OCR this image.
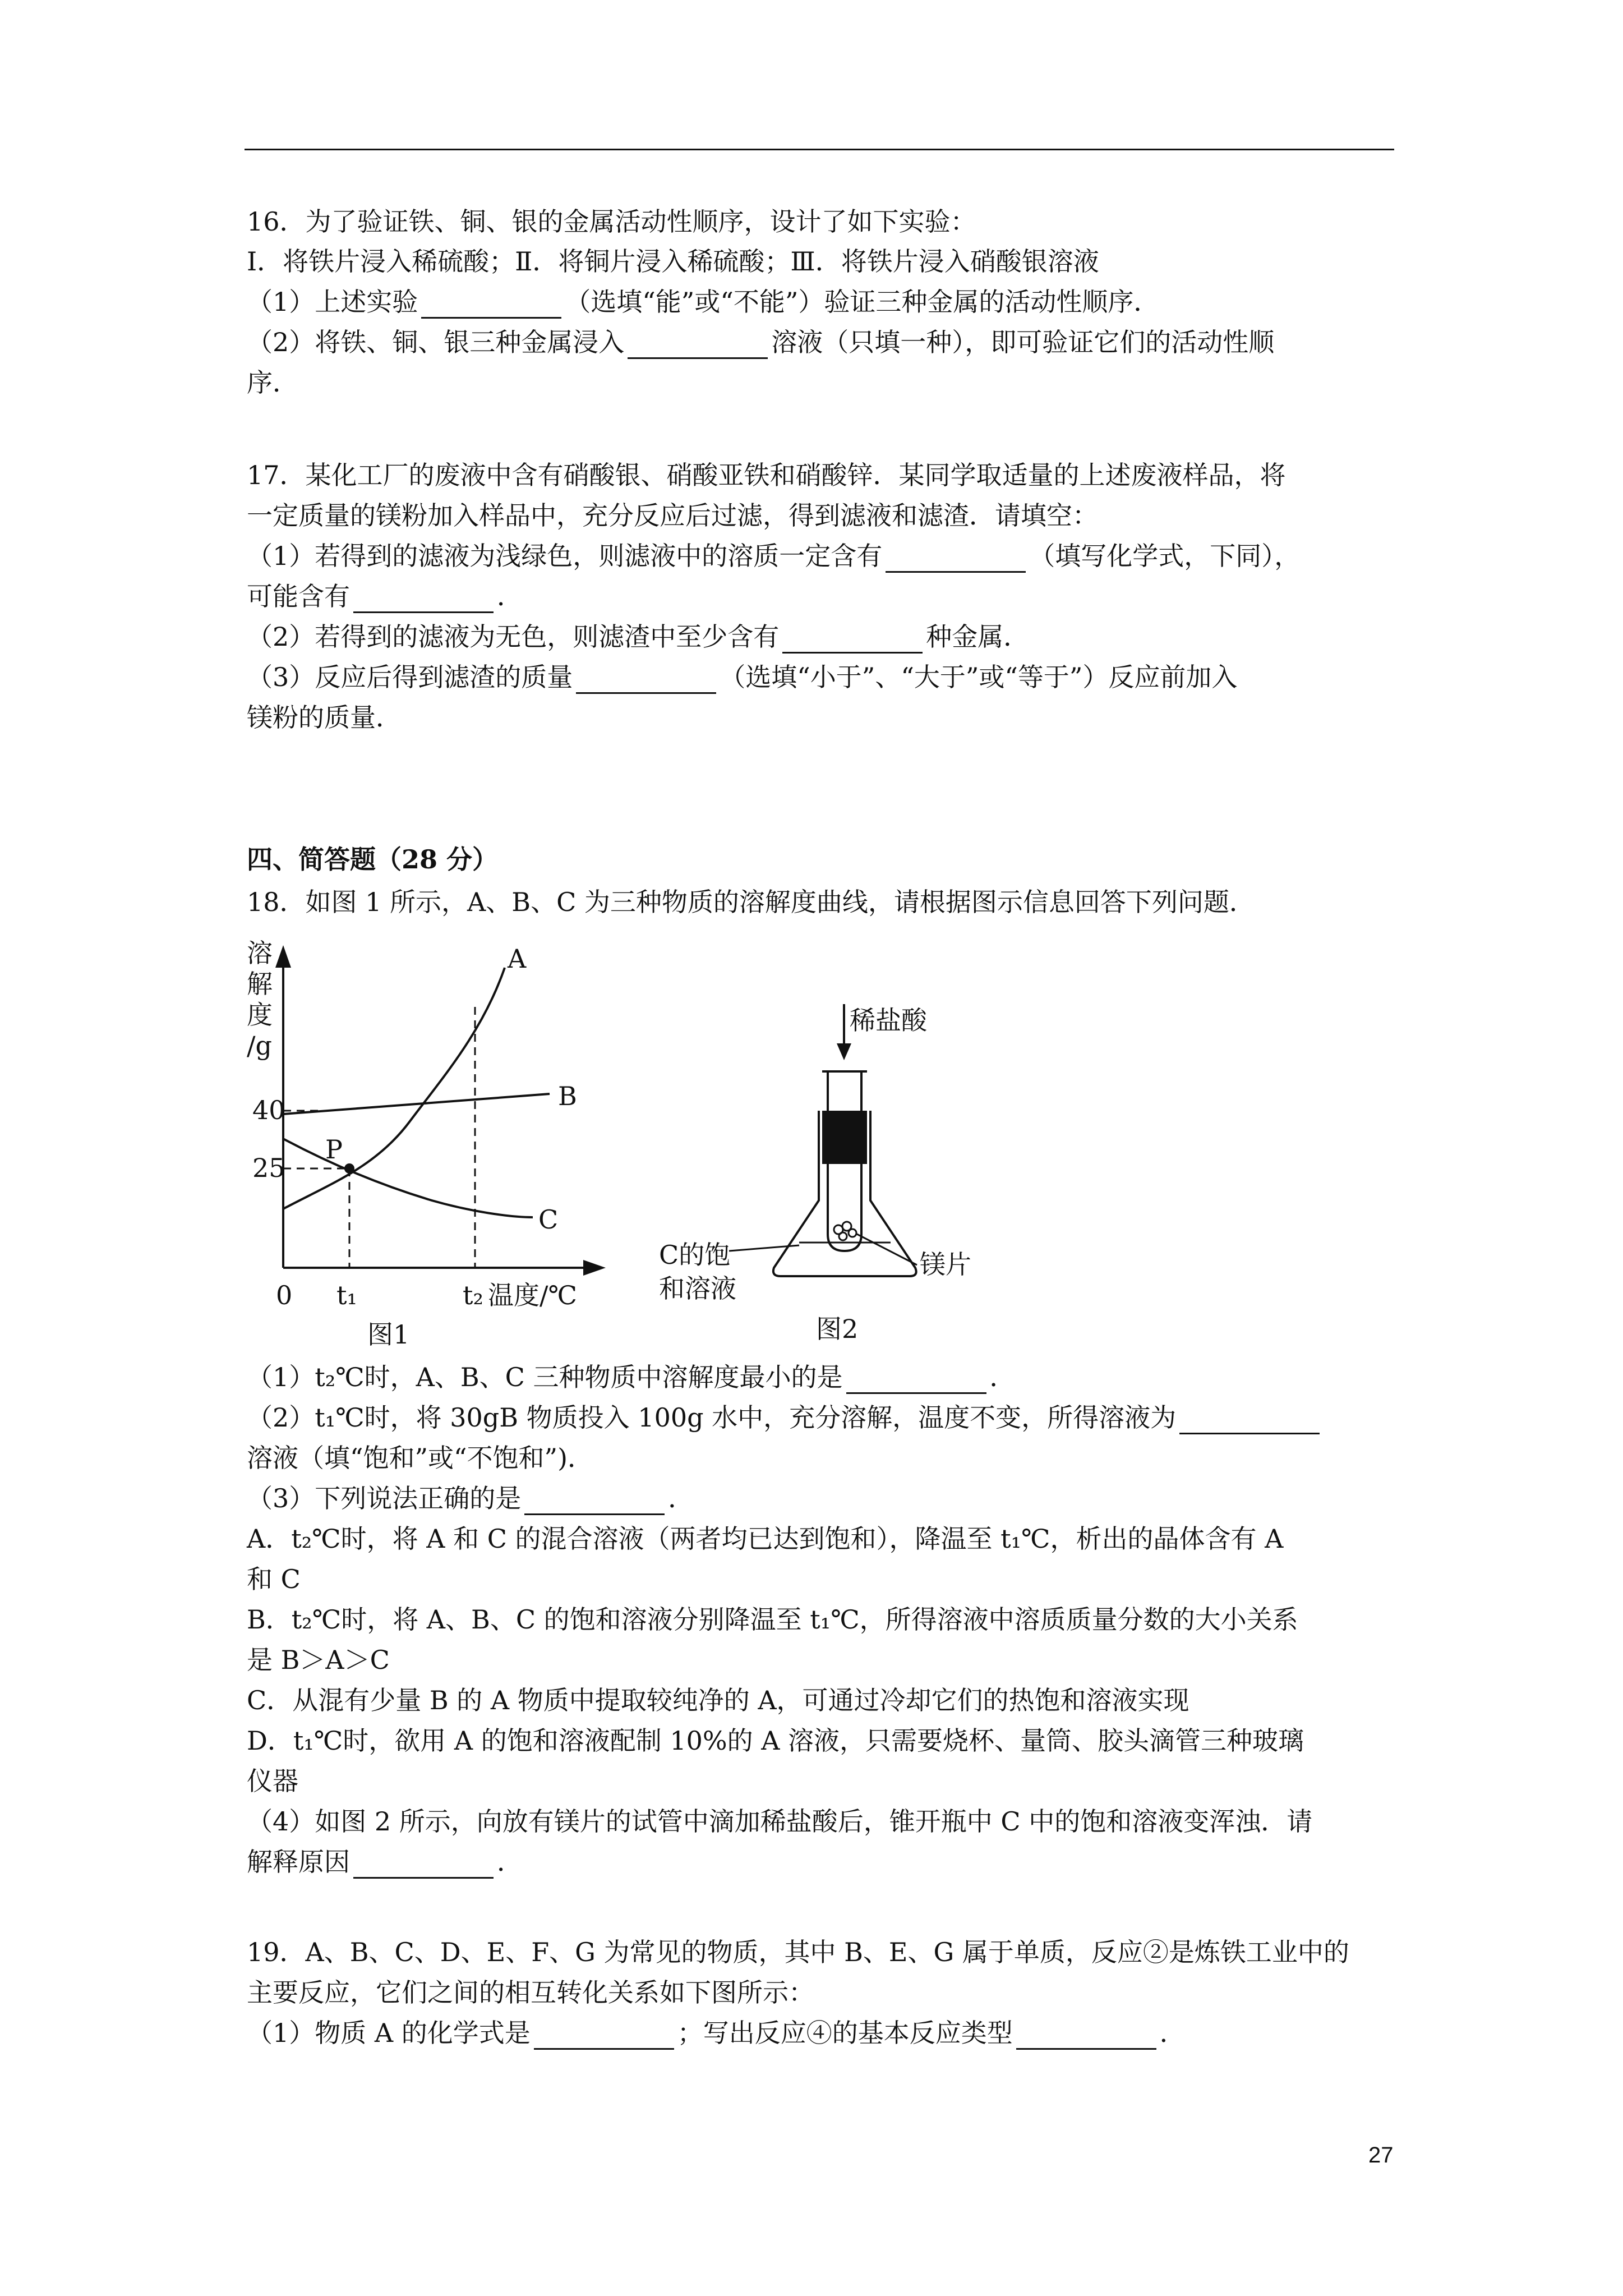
16．为了验证铁、铜、银的金属活动性顺序，设计了如下实验：
Ⅰ．将铁片浸入稀硫酸；Ⅱ．将铜片浸入稀硫酸；Ⅲ．将铁片浸入硝酸银溶液
（1）上述实验	（选填“能”或“不能”）验证三种金属的活动性顺序．
（2）将铁、铜、银三种金属浸入	溶液（只填一种），即可验证它们的活动性顺
序．
17．某化工厂的废液中含有硝酸银、硝酸亚铁和硝酸锌．某同学取适量的上述废液样品，将
一定质量的镁粉加入样品中，充分反应后过滤，得到滤液和滤渣．请填空：
（1）若得到的滤液为浅绿色，则滤液中的溶质一定含有	（填写化学式，下同），
可能含有	．
（2）若得到的滤液为无色，则滤渣中至少含有	种金属．
（3）反应后得到滤渣的质量	（选填“小于”、“大于”或“等于”）反应前加入
镁粉的质量．
四、简答题（28 分）
18．如图 1 所示，A、B、C 为三种物质的溶解度曲线，请根据图示信息回答下列问题．
溶
解
度
/g
40
25
P
A
B
C
0 t₁	t₂ 温度/℃
图1
稀盐酸
C的饱
和溶液
镁片
图2
（1）t₂℃时，A、B、C 三种物质中溶解度最小的是	．
（2）t₁℃时，将 30gB 物质投入 100g 水中，充分溶解，温度不变，所得溶液为
溶液（填“饱和”或“不饱和”)．
（3）下列说法正确的是	．
A．t₂℃时，将 A 和 C 的混合溶液（两者均已达到饱和），降温至 t₁℃，析出的晶体含有 A
和 C
B．t₂℃时，将 A、B、C 的饱和溶液分别降温至 t₁℃，所得溶液中溶质质量分数的大小关系
是 B＞A＞C
C．从混有少量 B 的 A 物质中提取较纯净的 A，可通过冷却它们的热饱和溶液实现
D．t₁℃时，欲用 A 的饱和溶液配制 10%的 A 溶液，只需要烧杯、量筒、胶头滴管三种玻璃
仪器
（4）如图 2 所示，向放有镁片的试管中滴加稀盐酸后，锥开瓶中 C 中的饱和溶液变浑浊．请
解释原因	．
19．A、B、C、D、E、F、G 为常见的物质，其中 B、E、G 属于单质，反应②是炼铁工业中的
主要反应，它们之间的相互转化关系如下图所示：
（1）物质 A 的化学式是	；写出反应④的基本反应类型	．
27
